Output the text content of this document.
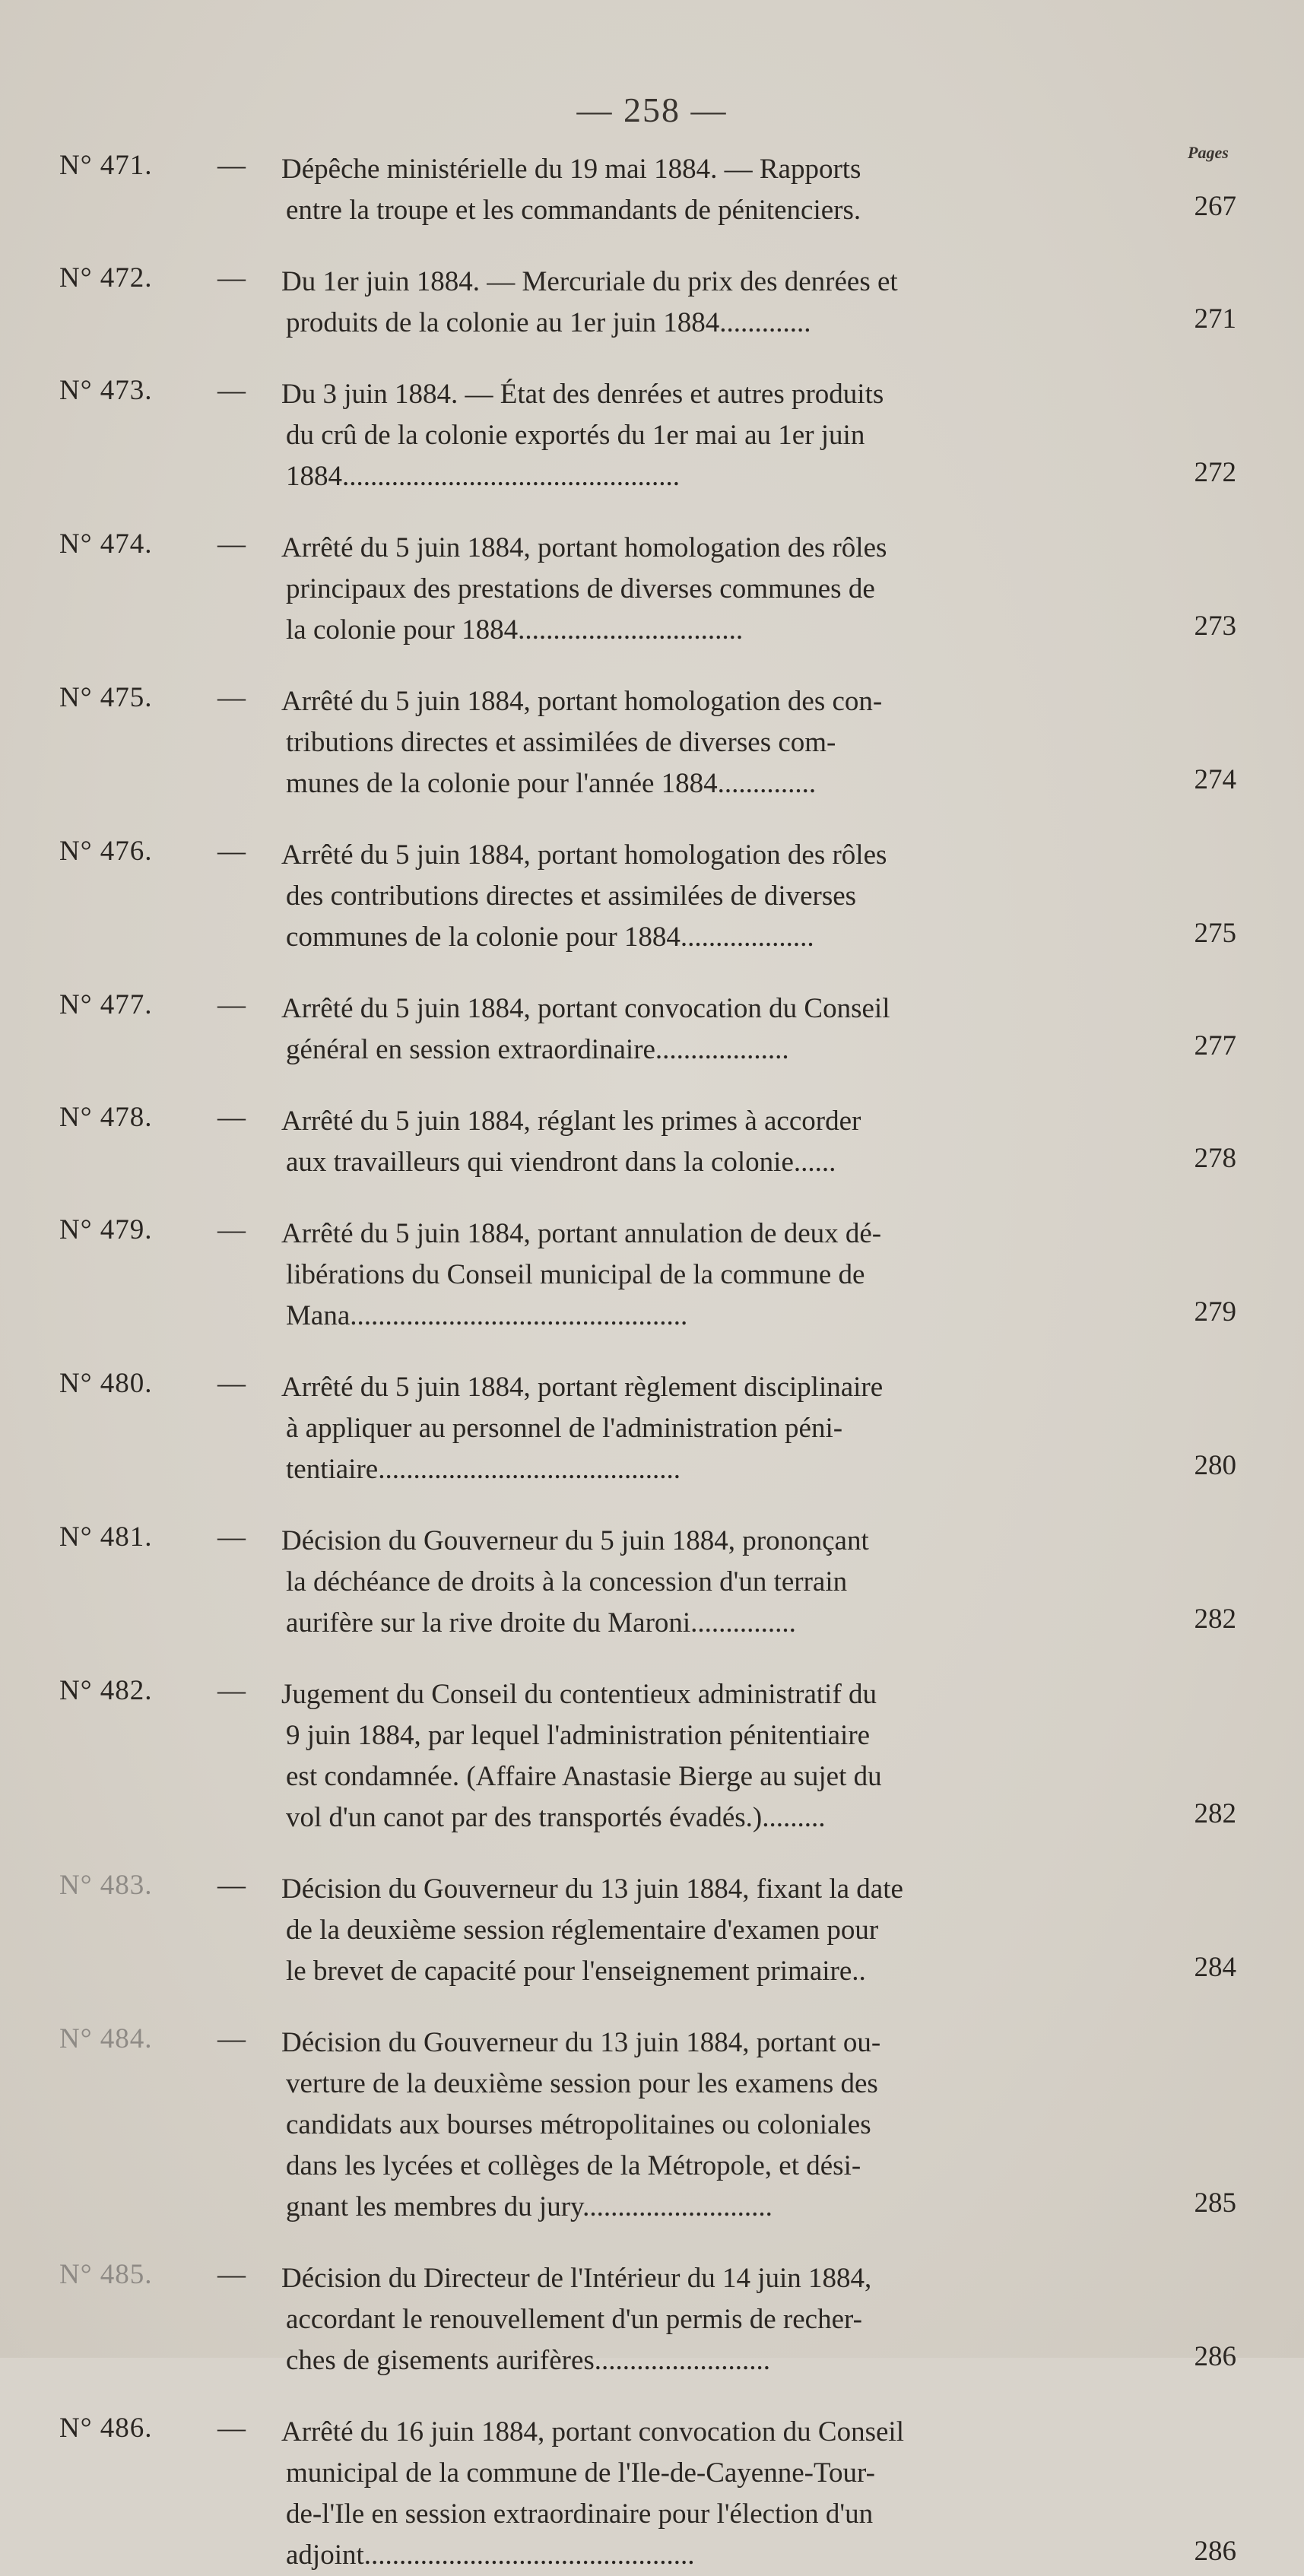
— 258 —
Pages
N° 471. —	Dépêche ministérielle du 19 mai 1884. — Rapports
entre la troupe et les commandants de pénitenciers.	267
N° 472. —	Du 1er juin 1884. — Mercuriale du prix des denrées et
produits de la colonie au 1er juin 1884.............	271
N° 473. —	Du 3 juin 1884. — État des denrées et autres produits
du crû de la colonie exportés du 1er mai au 1er juin
1884................................................	272
N° 474. —	Arrêté du 5 juin 1884, portant homologation des rôles
principaux des prestations de diverses communes de
la colonie pour 1884................................	273
N° 475. —	Arrêté du 5 juin 1884, portant homologation des con-
tributions directes et assimilées de diverses com-
munes de la colonie pour l'année 1884..............	274
N° 476. —	Arrêté du 5 juin 1884, portant homologation des rôles
des contributions directes et assimilées de diverses
communes de la colonie pour 1884...................	275
N° 477. —	Arrêté du 5 juin 1884, portant convocation du Conseil
général en session extraordinaire...................	277
N° 478. —	Arrêté du 5 juin 1884, réglant les primes à accorder
aux travailleurs qui viendront dans la colonie......	278
N° 479. —	Arrêté du 5 juin 1884, portant annulation de deux dé-
libérations du Conseil municipal de la commune de
Mana................................................	279
N° 480. —	Arrêté du 5 juin 1884, portant règlement disciplinaire
à appliquer au personnel de l'administration péni-
tentiaire...........................................	280
N° 481. —	Décision du Gouverneur du 5 juin 1884, prononçant
la déchéance de droits à la concession d'un terrain
aurifère sur la rive droite du Maroni...............	282
N° 482. —	Jugement du Conseil du contentieux administratif du
9 juin 1884, par lequel l'administration pénitentiaire
est condamnée. (Affaire Anastasie Bierge au sujet du
vol d'un canot par des transportés évadés.).........	282
N° 483. —	Décision du Gouverneur du 13 juin 1884, fixant la date
de la deuxième session réglementaire d'examen pour
le brevet de capacité pour l'enseignement primaire..	284
N° 484. —	Décision du Gouverneur du 13 juin 1884, portant ou-
verture de la deuxième session pour les examens des
candidats aux bourses métropolitaines ou coloniales
dans les lycées et collèges de la Métropole, et dési-
gnant les membres du jury...........................	285
N° 485. —	Décision du Directeur de l'Intérieur du 14 juin 1884,
accordant le renouvellement d'un permis de recher-
ches de gisements aurifères.........................	286
N° 486. —	Arrêté du 16 juin 1884, portant convocation du Conseil
municipal de la commune de l'Ile-de-Cayenne-Tour-
de-l'Ile en session extraordinaire pour l'élection d'un
adjoint...............................................	286
